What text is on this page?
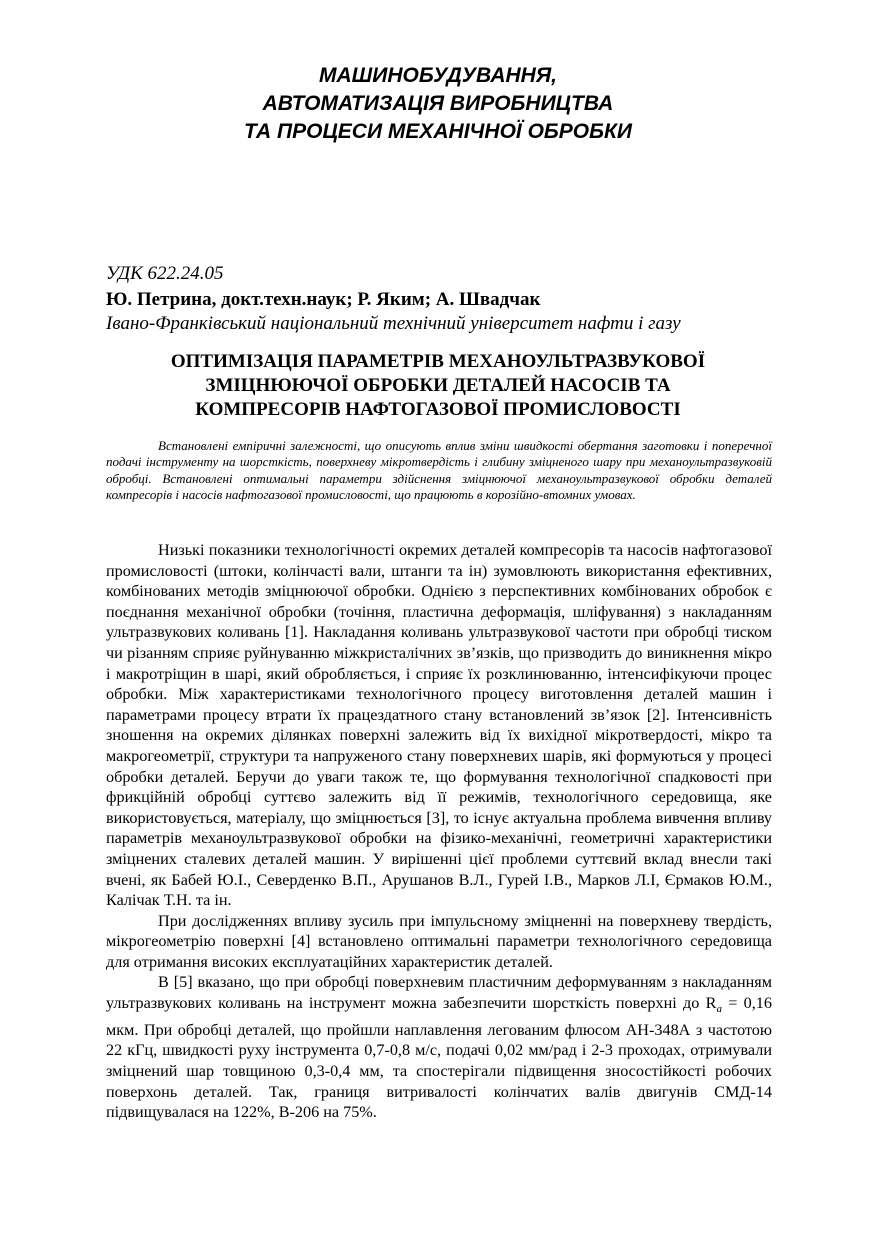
МАШИНОБУДУВАННЯ,
АВТОМАТИЗАЦІЯ ВИРОБНИЦТВА
ТА ПРОЦЕСИ МЕХАНІЧНОЇ ОБРОБКИ
УДК 622.24.05
Ю. Петрина, докт.техн.наук; Р. Яким; А. Швадчак
Івано-Франківський національний технічний університет нафти і газу
ОПТИМІЗАЦІЯ ПАРАМЕТРІВ МЕХАНОУЛЬТРАЗВУКОВОЇ
ЗМІЦНЮЮЧОЇ ОБРОБКИ ДЕТАЛЕЙ НАСОСІВ ТА
КОМПРЕСОРІВ НАФТОГАЗОВОЇ ПРОМИСЛОВОСТІ

Встановлені емпіричні залежності, що описують вплив зміни швидкості обертання заготовки і поперечної подачі інструменту на шорсткість, поверхневу мікротвердість і глибину зміцненого шару при механоультразвуковій обробці. Встановлені оптимальні параметри здійснення зміцнюючої механоультразвукової обробки деталей компресорів і насосів нафтогазової промисловості, що працюють в корозійно-втомних умовах.

Низькі показники технологічності окремих деталей компресорів та насосів нафтогазової промисловості (штоки, колінчасті вали, штанги та ін) зумовлюють використання ефективних, комбінованих методів зміцнюючої обробки. Однією з перспективних комбінованих обробок є поєднання механічної обробки (точіння, пластична деформація, шліфування) з накладанням ультразвукових коливань [1]. Накладання коливань ультразвукової частоти при обробці тиском чи різанням сприяє руйнуванню міжкристалічних зв’язків, що призводить до виникнення мікро і макротріщин в шарі, який обробляється, і сприяє їх розклинюванню, інтенсифікуючи процес обробки. Між характеристиками технологічного процесу виготовлення деталей машин і параметрами процесу втрати їх працездатного стану встановлений зв’язок [2]. Інтенсивність зношення на окремих ділянках поверхні залежить від їх вихідної мікротвердості, мікро та макрогеометрії, структури та напруженого стану поверхневих шарів, які формуються у процесі обробки деталей. Беручи до уваги також те, що формування технологічної спадковості при фрикційній обробці суттєво залежить від її режимів, технологічного середовища, яке використовується, матеріалу, що зміцнюється [3], то існує актуальна проблема вивчення впливу параметрів механоультразвукової обробки на фізико-механічні, геометричні характеристики зміцнених сталевих деталей машин. У вирішенні цієї проблеми суттєвий вклад внесли такі вчені, як Бабей Ю.І., Северденко В.П., Арушанов В.Л., Гурей І.В., Марков Л.І, Єрмаков Ю.М., Калічак Т.Н. та ін.

При дослідженнях впливу зусиль при імпульсному зміцненні на поверхневу твердість, мікрогеометрію поверхні [4] встановлено оптимальні параметри технологічного середовища для отримання високих експлуатаційних характеристик деталей.

В [5] вказано, що при обробці поверхневим пластичним деформуванням з накладанням ультразвукових коливань на інструмент можна забезпечити шорсткість поверхні до $R_a = 0,16$ мкм. При обробці деталей, що пройшли наплавлення легованим флюсом АН-348А з частотою 22 кГц, швидкості руху інструмента 0,7-0,8 м/с, подачі 0,02 мм/рад і 2-3 проходах, отримували зміцнений шар товщиною 0,3-0,4 мм, та спостерігали підвищення зносостійкості робочих поверхонь деталей. Так, границя витривалості колінчатих валів двигунів СМД-14 підвищувалася на 122%, В-206 на 75%.
